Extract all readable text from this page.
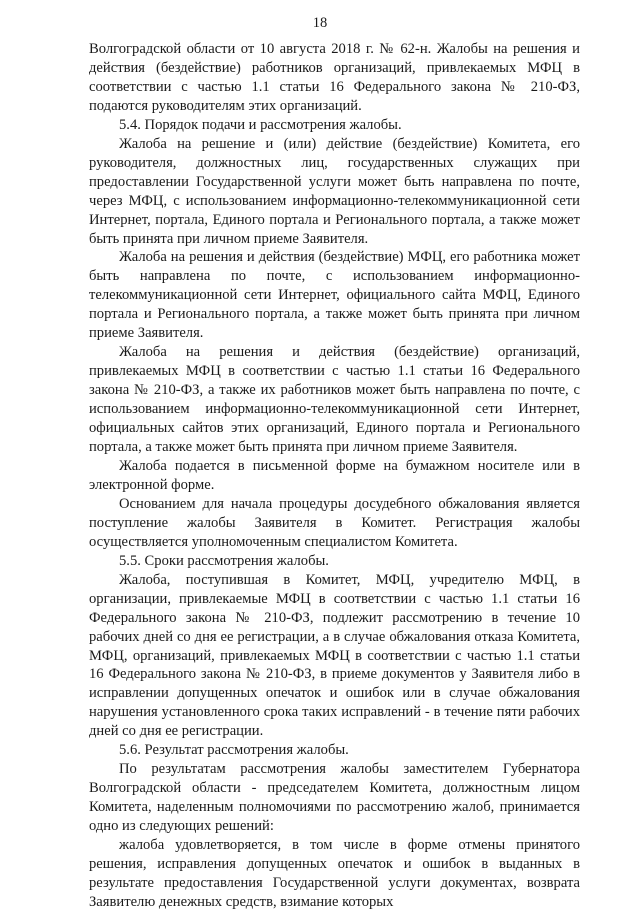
18

Волгоградской области от 10 августа 2018 г. № 62-н. Жалобы на решения и действия (бездействие) работников организаций, привлекаемых МФЦ в соответствии с частью 1.1 статьи 16 Федерального закона № 210-ФЗ, подаются руководителям этих организаций.

5.4. Порядок подачи и рассмотрения жалобы.

Жалоба на решение и (или) действие (бездействие) Комитета, его руководителя, должностных лиц, государственных служащих при предоставлении Государственной услуги может быть направлена по почте, через МФЦ, с использованием информационно-телекоммуникационной сети Интернет, портала, Единого портала и Регионального портала, а также может быть принята при личном приеме Заявителя.

Жалоба на решения и действия (бездействие) МФЦ, его работника может быть направлена по почте, с использованием информационно-телекоммуникационной сети Интернет, официального сайта МФЦ, Единого портала и Регионального портала, а также может быть принята при личном приеме Заявителя.

Жалоба на решения и действия (бездействие) организаций, привлекаемых МФЦ в соответствии с частью 1.1 статьи 16 Федерального закона № 210-ФЗ, а также их работников может быть направлена по почте, с использованием информационно-телекоммуникационной сети Интернет, официальных сайтов этих организаций, Единого портала и Регионального портала, а также может быть принята при личном приеме Заявителя.

Жалоба подается в письменной форме на бумажном носителе или в электронной форме.

Основанием для начала процедуры досудебного обжалования является поступление жалобы Заявителя в Комитет. Регистрация жалобы осуществляется уполномоченным специалистом Комитета.

5.5. Сроки рассмотрения жалобы.

Жалоба, поступившая в Комитет, МФЦ, учредителю МФЦ, в организации, привлекаемые МФЦ в соответствии с частью 1.1 статьи 16 Федерального закона № 210-ФЗ, подлежит рассмотрению в течение 10 рабочих дней со дня ее регистрации, а в случае обжалования отказа Комитета, МФЦ, организаций, привлекаемых МФЦ в соответствии с частью 1.1 статьи 16 Федерального закона № 210-ФЗ, в приеме документов у Заявителя либо в исправлении допущенных опечаток и ошибок или в случае обжалования нарушения установленного срока таких исправлений - в течение пяти рабочих дней со дня ее регистрации.

5.6. Результат рассмотрения жалобы.

По результатам рассмотрения жалобы заместителем Губернатора Волгоградской области - председателем Комитета, должностным лицом Комитета, наделенным полномочиями по рассмотрению жалоб, принимается одно из следующих решений:

жалоба удовлетворяется, в том числе в форме отмены принятого решения, исправления допущенных опечаток и ошибок в выданных в результате предоставления Государственной услуги документах, возврата Заявителю денежных средств, взимание которых
